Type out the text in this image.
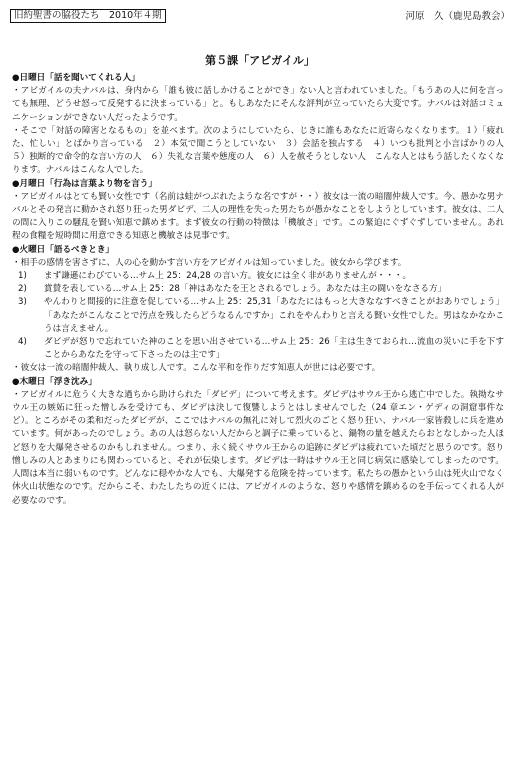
旧約聖書の脇役たち　2010年４期	河原　久（鹿児島教会）
第５課「アビガイル」

●日曜日「話を聞いてくれる人」

・アビガイルの夫ナバルは、身内から「誰も彼に話しかけることができ」ない人と言われていました。「もうあの人に何を言っても無理、どうせ怒って反発するに決まっている」と。もしあなたにそんな評判が立っていたら大変です。ナバルは対話コミュニケーションができない人だったようです。

・そこで「対話の障害となるもの」を並べます。次のようにしていたら、じきに誰もあなたに近寄らなくなります。１）「疲れた、忙しい」とばかり言っている　２）本気で聞こうとしていない　３）会話を独占する　４）いつも批判と小言ばかりの人　５）独断的で命令的な言い方の人　６）失礼な言葉や態度の人　６）人を赦そうとしない人　こんな人とはもう話したくなくなります。ナバルはこんな人でした。

●月曜日「行為は言葉より物を言う」

・アビガイルはとても賢い女性です（名前は蛙がつぶれたような名ですが・・）彼女は一流の暗闇仲裁人です。今、愚かな男ナバルとその発言に動かされ怒り狂った男ダビデ、二人の理性を失った男たちが愚かなことをしようとしています。彼女は、二人の間に入りこの騒乱を賢い知恵で鎮めます。まず彼女の行動の特徴は「機敏さ」です。この緊迫にぐずぐずしていません。あれ程の食糧を短時間に用意できる知恵と機敏さは見事です。

●火曜日「語るべきとき」

・相手の感情を害さずに、人の心を動かす言い方をアビガイルは知っていました。彼女から学びます。

1)	まず謙遜にわびている…サム上 25：24,28 の言い方。彼女には全く非がありませんが・・・。
2)	賞賛を表している…サム上 25：28「神はあなたを王とされるでしょう。あなたは主の闘いをなさる方」
3)	やんわりと間接的に注意を促している…サム上 25：25,31「あなたにはもっと大きななすべきことがおありでしょう」「あなたがこんなことで汚点を残したらどうなるんですか」これをやんわりと言える賢い女性でした。男はなかなかこうは言えません。
4)	ダビデが怒りで忘れていた神のことを思い出させている…サム上 25：26「主は生きておられ…流血の災いに手を下すことからあなたを守って下さったのは主です」

・彼女は一流の暗闇仲裁人、執り成し人です。こんな平和を作りだす知恵人が世には必要です。

●木曜日「浮き沈み」

・アビガイルに危うく大きな過ちから助けられた「ダビデ」について考えます。ダビデはサウル王から逃亡中でした。執拗なサウル王の嫉妬に狂った憎しみを受けても、ダビデは決して復讐しようとはしませんでした（24 章エン・ゲディの洞窟事件など）。ところがその柔和だったダビデが、ここではナバルの無礼に対して烈火のごとく怒り狂い、ナバル一家皆殺しに兵を進めています。何があったのでしょう。あの人は怒らない人だからと調子に乗っていると、鍋物の量を越えたらおとなしかった人ほど怒りを大爆発させるのかもしれません。つまり、永く続くサウル王からの追跡にダビデは疲れていた頃だと思うのです。怒り憎しみの人とあまりにも関わっていると、それが伝染します。ダビデは一時はサウル王と同じ病気に感染してしまったのです。人間は本当に弱いものです。どんなに穏やかな人でも、大爆発する危険を持っています。私たちの愚かという山は死火山でなく休火山状態なのです。だからこそ、わたしたちの近くには、アビガイルのような、怒りや感情を鎮めるのを手伝ってくれる人が必要なのです。
